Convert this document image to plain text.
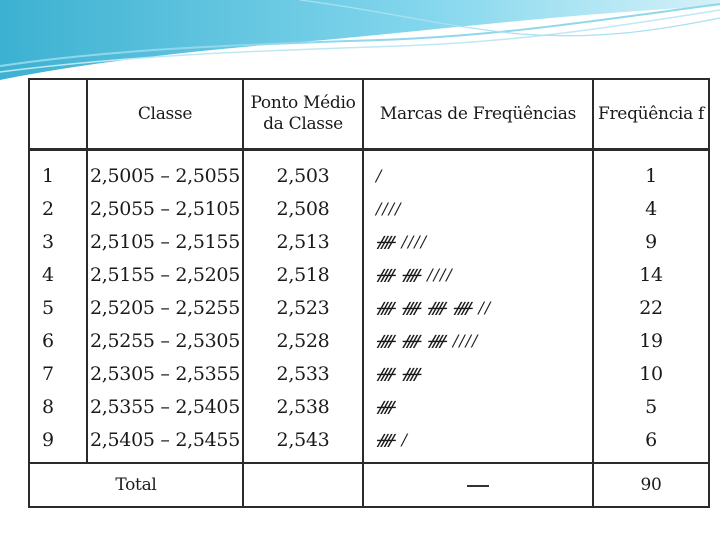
	Classe	Ponto Médio da Classe	Marcas de Freqüências	Freqüência f
1	2,5005 – 2,5055	2,503	/	1
2	2,5055 – 2,5105	2,508	////	4
3	2,5105 – 2,5155	2,513	ᚎ ////	9
4	2,5155 – 2,5205	2,518	ᚎ ᚎ ////	14
5	2,5205 – 2,5255	2,523	ᚎ ᚎ ᚎ ᚎ //	22
6	2,5255 – 2,5305	2,528	ᚎ ᚎ ᚎ ////	19
7	2,5305 – 2,5355	2,533	ᚎ ᚎ	10
8	2,5355 – 2,5405	2,538	ᚎ	5
9	2,5405 – 2,5455	2,543	ᚎ /	6
Total				90
